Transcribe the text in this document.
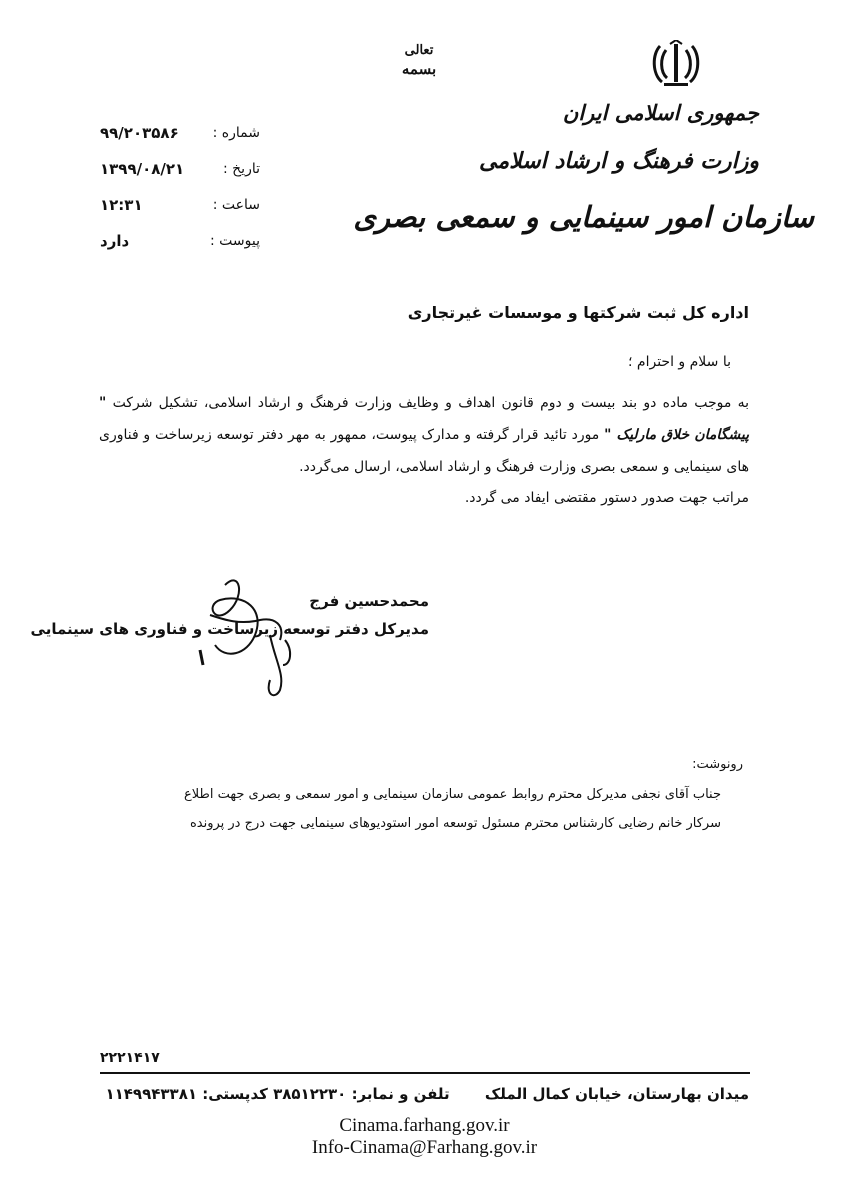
تعالی
بسمه
جمهوری اسلامی ایران
وزارت فرهنگ و ارشاد اسلامی
سازمان امور سینمایی و سمعی بصری
شماره :
۹۹/۲۰۳۵۸۶
تاریخ :
۱۳۹۹/۰۸/۲۱
ساعت :
۱۲:۳۱
پیوست :
دارد
اداره کل ثبت شرکتها و موسسات غیرتجاری
با سلام و احترام ؛
به موجب ماده دو بند بیست و دوم قانون اهداف و وظایف وزارت فرهنگ و ارشاد اسلامی، تشکیل شرکت " پیشگامان خلاق مارلیک " مورد تائید قرار گرفته و مدارک پیوست، ممهور به مهر دفتر توسعه زیرساخت و فناوری های سینمایی و سمعی بصری وزارت فرهنگ و ارشاد اسلامی، ارسال می‌گردد.
مراتب جهت صدور دستور مقتضی ایفاد می گردد.
محمدحسین فرج
مدیرکل دفتر توسعه زیرساخت و فناوری های سینمایی
رونوشت:
جناب آقای نجفی مدیرکل محترم روابط عمومی سازمان سینمایی و امور سمعی و بصری جهت اطلاع
سرکار خانم رضایی کارشناس محترم مسئول توسعه امور استودیوهای سینمایی جهت درج در پرونده
۲۲۲۱۴۱۷
میدان بهارستان، خیابان کمال الملک تلفن و نمابر: ۳۸۵۱۲۲۳۰ کدپستی: ۱۱۴۹۹۴۳۳۸۱
Cinama.farhang.gov.ir
Info-Cinama@Farhang.gov.ir
